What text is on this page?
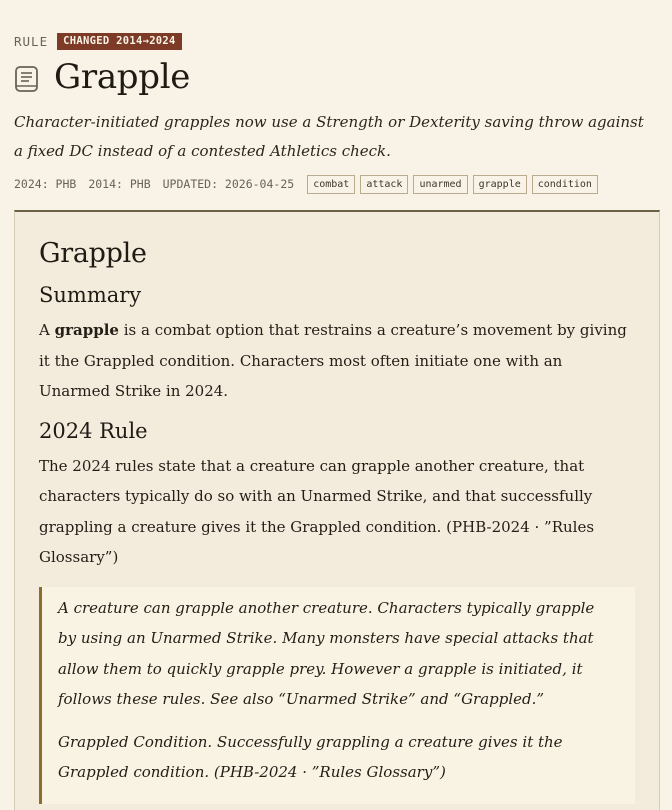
RULE	CHANGED 2014→2024
Grapple
Character-initiated grapples now use a Strength or Dexterity saving throw against a fixed DC instead of a contested Athletics check.
2024: PHB 2014: PHB UPDATED: 2026-04-25	combat	attack	unarmed	grapple	condition
Grapple
Summary

A grapple is a combat option that restrains a creature’s movement by giving it the Grappled condition. Characters most often initiate one with an Unarmed Strike in 2024.

2024 Rule

The 2024 rules state that a creature can grapple another creature, that characters typically do so with an Unarmed Strike, and that successfully grappling a creature gives it the Grappled condition. (PHB-2024 · ”Rules Glossary”)

A creature can grapple another creature. Characters typically grapple by using an Unarmed Strike. Many monsters have special attacks that allow them to quickly grapple prey. However a grapple is initiated, it follows these rules. See also “Unarmed Strike” and “Grappled.”

Grappled Condition. Successfully grappling a creature gives it the Grappled condition. (PHB-2024 · ”Rules Glossary”)
